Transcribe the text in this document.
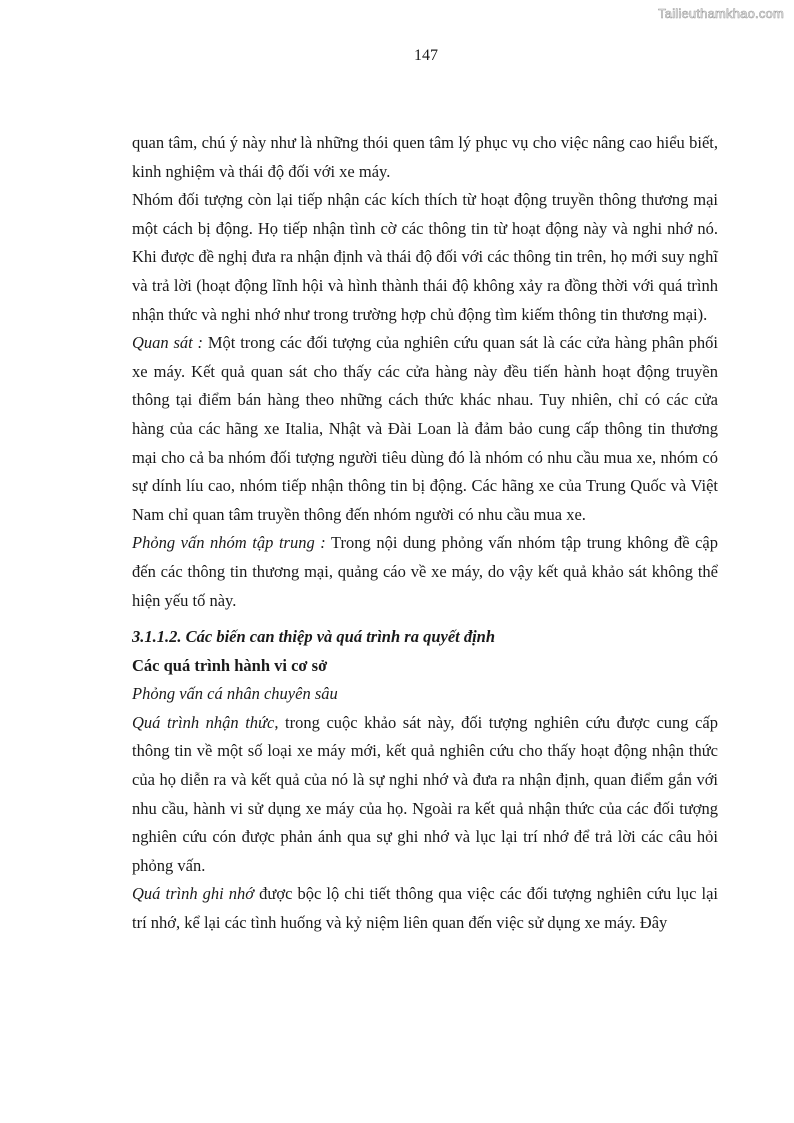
Tailieuthamkhao.com
147

quan tâm, chú ý này như là những thói quen tâm lý phục vụ cho việc nâng cao hiểu biết, kinh nghiệm và thái độ đối với xe máy.

Nhóm đối tượng còn lại tiếp nhận các kích thích từ hoạt động truyền thông thương mại một cách bị động. Họ tiếp nhận tình cờ các thông tin từ hoạt động này và nghi nhớ nó. Khi được đề nghị đưa ra nhận định và thái độ đối với các thông tin trên, họ mới suy nghĩ và trả lời (hoạt động lĩnh hội và hình thành thái độ không xảy ra đồng thời với quá trình nhận thức và nghi nhớ như trong trường hợp chủ động tìm kiếm thông tin thương mại).

Quan sát : Một trong các đối tượng của nghiên cứu quan sát là các cửa hàng phân phối xe máy. Kết quả quan sát cho thấy các cửa hàng này đều tiến hành hoạt động truyền thông tại điểm bán hàng theo những cách thức khác nhau. Tuy nhiên, chỉ có các cửa hàng của các hãng xe Italia, Nhật và Đài Loan là đảm bảo cung cấp thông tin thương mại cho cả ba nhóm đối tượng người tiêu dùng đó là nhóm có nhu cầu mua xe, nhóm có sự dính líu cao, nhóm tiếp nhận thông tin bị động. Các hãng xe của Trung Quốc và Việt Nam chỉ quan tâm truyền thông đến nhóm người có nhu cầu mua xe.

Phỏng vấn nhóm tập trung : Trong nội dung phỏng vấn nhóm tập trung không đề cập đến các thông tin thương mại, quảng cáo về xe máy, do vậy kết quả khảo sát không thể hiện yếu tố này.

3.1.1.2. Các biến can thiệp và quá trình ra quyết định

Các quá trình hành vi cơ sở

Phỏng vấn cá nhân chuyên sâu

Quá trình nhận thức, trong cuộc khảo sát này, đối tượng nghiên cứu được cung cấp thông tin về một số loại xe máy mới, kết quả nghiên cứu cho thấy hoạt động nhận thức của họ diễn ra và kết quả của nó là sự nghi nhớ và đưa ra nhận định, quan điểm gắn với nhu cầu, hành vi sử dụng xe máy của họ. Ngoài ra kết quả nhận thức của các đối tượng nghiên cứu cón được phản ánh qua sự ghi nhớ và lục lại trí nhớ để trả lời các câu hỏi phỏng vấn.

Quá trình ghi nhớ được bộc lộ chi tiết thông qua việc các đối tượng nghiên cứu lục lại trí nhớ, kể lại các tình huống và kỷ niệm liên quan đến việc sử dụng xe máy. Đây
